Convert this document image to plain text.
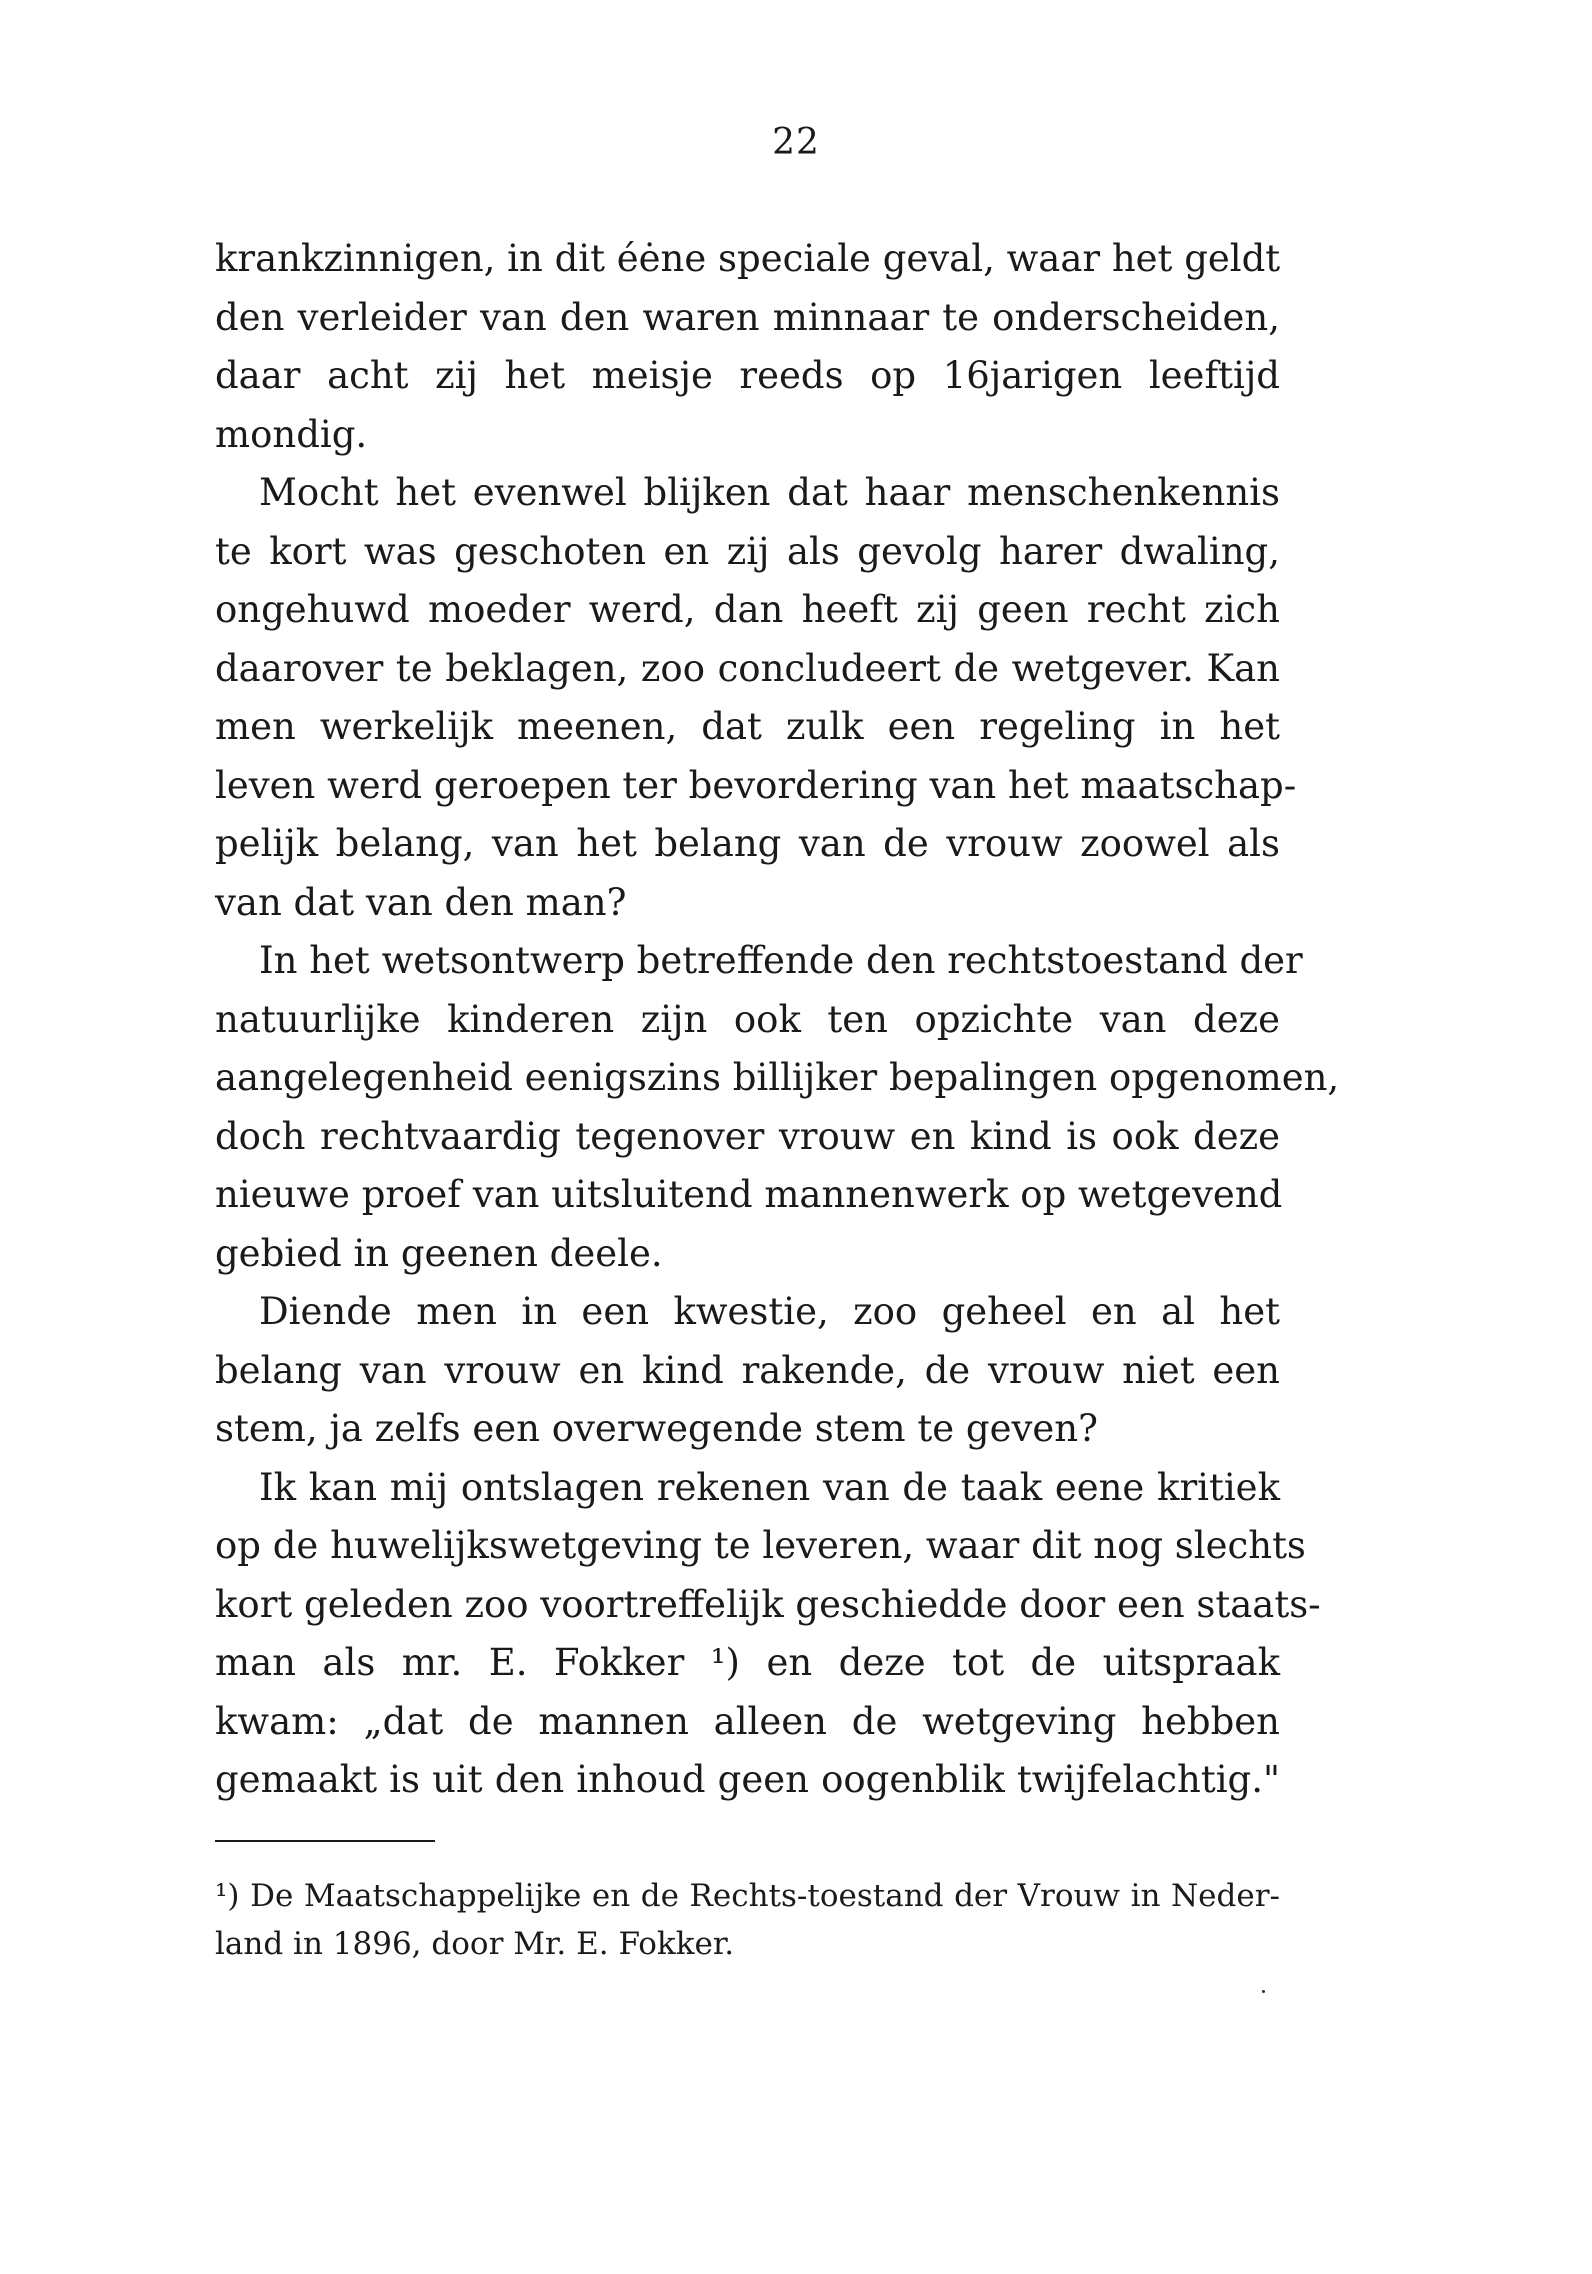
22
krankzinnigen, in dit éėne speciale geval, waar het geldt
den verleider van den waren minnaar te onderscheiden,
daar acht zij het meisje reeds op 16jarigen leeftijd
mondig.
Mocht het evenwel blijken dat haar menschenkennis
te kort was geschoten en zij als gevolg harer dwaling,
ongehuwd moeder werd, dan heeft zij geen recht zich
daarover te beklagen, zoo concludeert de wetgever. Kan
men werkelijk meenen, dat zulk een regeling in het
leven werd geroepen ter bevordering van het maatschap-
pelijk belang, van het belang van de vrouw zoowel als
van dat van den man?
In het wetsontwerp betreffende den rechtstoestand der
natuurlijke kinderen zijn ook ten opzichte van deze
aangelegenheid eenigszins billijker bepalingen opgenomen,
doch rechtvaardig tegenover vrouw en kind is ook deze
nieuwe proef van uitsluitend mannenwerk op wetgevend
gebied in geenen deele.
Diende men in een kwestie, zoo geheel en al het
belang van vrouw en kind rakende, de vrouw niet een
stem, ja zelfs een overwegende stem te geven?
Ik kan mij ontslagen rekenen van de taak eene kritiek
op de huwelijkswetgeving te leveren, waar dit nog slechts
kort geleden zoo voortreffelijk geschiedde door een staats-
man als mr. E. Fokker ¹) en deze tot de uitspraak
kwam: „dat de mannen alleen de wetgeving hebben
gemaakt is uit den inhoud geen oogenblik twijfelachtig."
¹) De Maatschappelijke en de Rechts-toestand der Vrouw in Neder-
land in 1896, door Mr. E. Fokker.
